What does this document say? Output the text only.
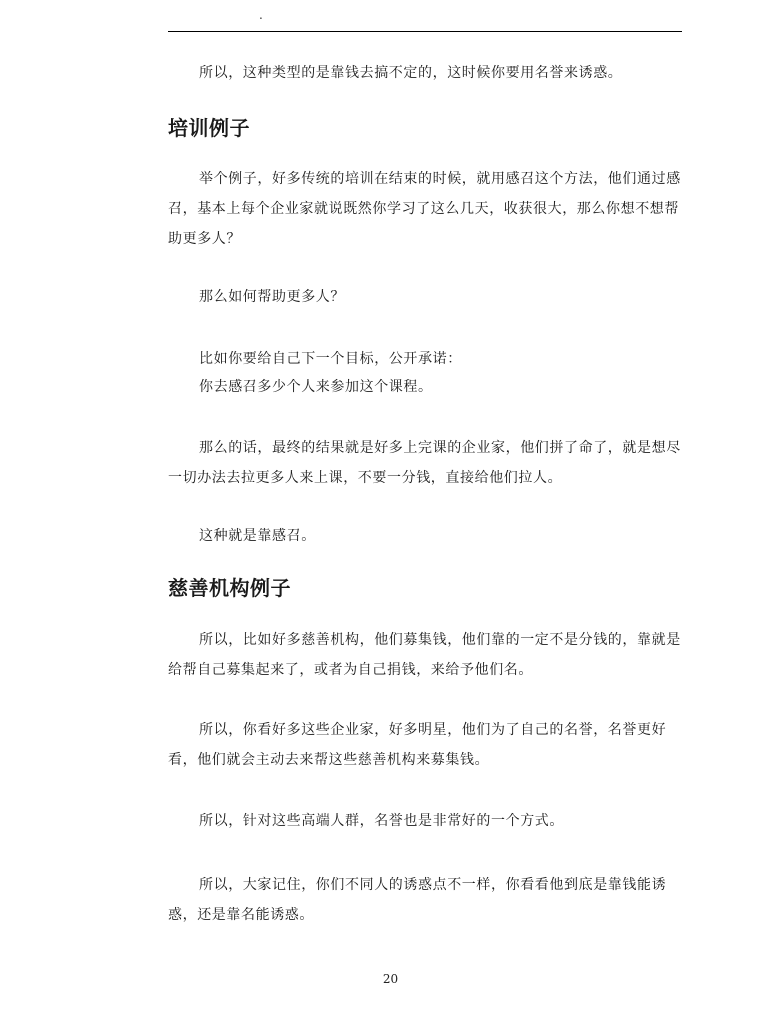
.

所以，这种类型的是靠钱去搞不定的，这时候你要用名誉来诱惑。

培训例子

举个例子，好多传统的培训在结束的时候，就用感召这个方法，他们通过感召，基本上每个企业家就说既然你学习了这么几天，收获很大，那么你想不想帮助更多人？

那么如何帮助更多人？

比如你要给自己下一个目标，公开承诺：

你去感召多少个人来参加这个课程。

那么的话，最终的结果就是好多上完课的企业家，他们拼了命了，就是想尽一切办法去拉更多人来上课，不要一分钱，直接给他们拉人。

这种就是靠感召。

慈善机构例子

所以，比如好多慈善机构，他们募集钱，他们靠的一定不是分钱的，靠就是给帮自己募集起来了，或者为自己捐钱，来给予他们名。

所以，你看好多这些企业家，好多明星，他们为了自己的名誉，名誉更好看，他们就会主动去来帮这些慈善机构来募集钱。

所以，针对这些高端人群，名誉也是非常好的一个方式。

所以，大家记住，你们不同人的诱惑点不一样，你看看他到底是靠钱能诱惑，还是靠名能诱惑。

20
